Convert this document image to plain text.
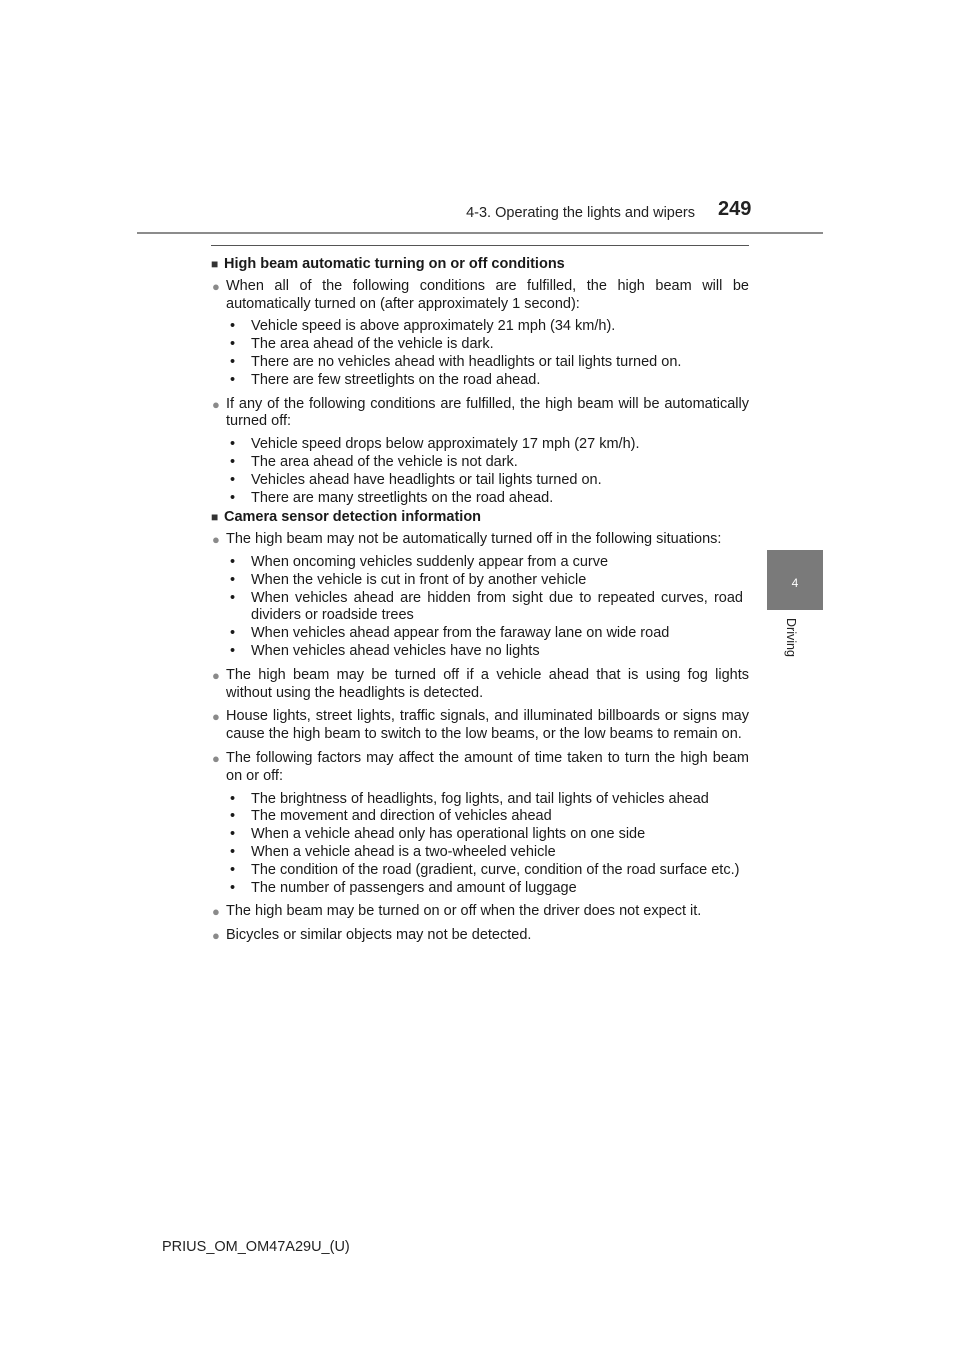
4-3. Operating the lights and wipers 249
4
Driving
■ High beam automatic turning on or off conditions
● When all of the following conditions are fulfilled, the high beam will be automatically turned on (after approximately 1 second):
• Vehicle speed is above approximately 21 mph (34 km/h).
• The area ahead of the vehicle is dark.
• There are no vehicles ahead with headlights or tail lights turned on.
• There are few streetlights on the road ahead.
● If any of the following conditions are fulfilled, the high beam will be automatically turned off:
• Vehicle speed drops below approximately 17 mph (27 km/h).
• The area ahead of the vehicle is not dark.
• Vehicles ahead have headlights or tail lights turned on.
• There are many streetlights on the road ahead.
■ Camera sensor detection information
● The high beam may not be automatically turned off in the following situations:
• When oncoming vehicles suddenly appear from a curve
• When the vehicle is cut in front of by another vehicle
• When vehicles ahead are hidden from sight due to repeated curves, road dividers or roadside trees
• When vehicles ahead appear from the faraway lane on wide road
• When vehicles ahead vehicles have no lights
● The high beam may be turned off if a vehicle ahead that is using fog lights without using the headlights is detected.
● House lights, street lights, traffic signals, and illuminated billboards or signs may cause the high beam to switch to the low beams, or the low beams to remain on.
● The following factors may affect the amount of time taken to turn the high beam on or off:
• The brightness of headlights, fog lights, and tail lights of vehicles ahead
• The movement and direction of vehicles ahead
• When a vehicle ahead only has operational lights on one side
• When a vehicle ahead is a two-wheeled vehicle
• The condition of the road (gradient, curve, condition of the road surface etc.)
• The number of passengers and amount of luggage
● The high beam may be turned on or off when the driver does not expect it.
● Bicycles or similar objects may not be detected.
PRIUS_OM_OM47A29U_(U)
